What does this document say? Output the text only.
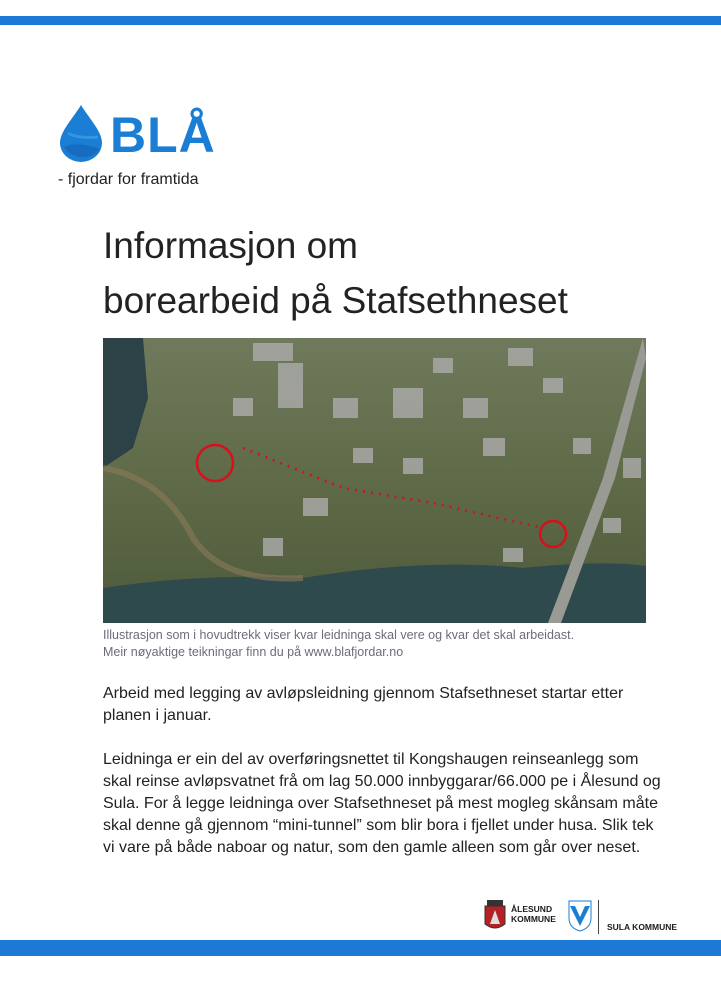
BLÅ
- fjordar for framtida
Informasjon om
borearbeid på Stafsethneset
Illustrasjon som i hovudtrekk viser kvar leidninga skal vere og kvar det skal arbeidast.
Meir nøyaktige teikningar finn du på www.blafjordar.no

Arbeid med legging av avløpsleidning gjennom Stafsethneset startar etter planen i januar.

Leidninga er ein del av overføringsnettet til Kongshaugen reinseanlegg som skal reinse avløpsvatnet frå om lag 50.000 innbyggarar/66.000 pe i Ålesund og Sula. For å legge leidninga over Stafsethneset på mest mogleg skånsam måte skal denne gå gjennom “mini-tunnel” som blir bora i fjellet under husa. Slik tek vi vare på både naboar og natur, som den gamle alleen som går over neset.

ÅLESUND
KOMMUNE
SULA KOMMUNE
